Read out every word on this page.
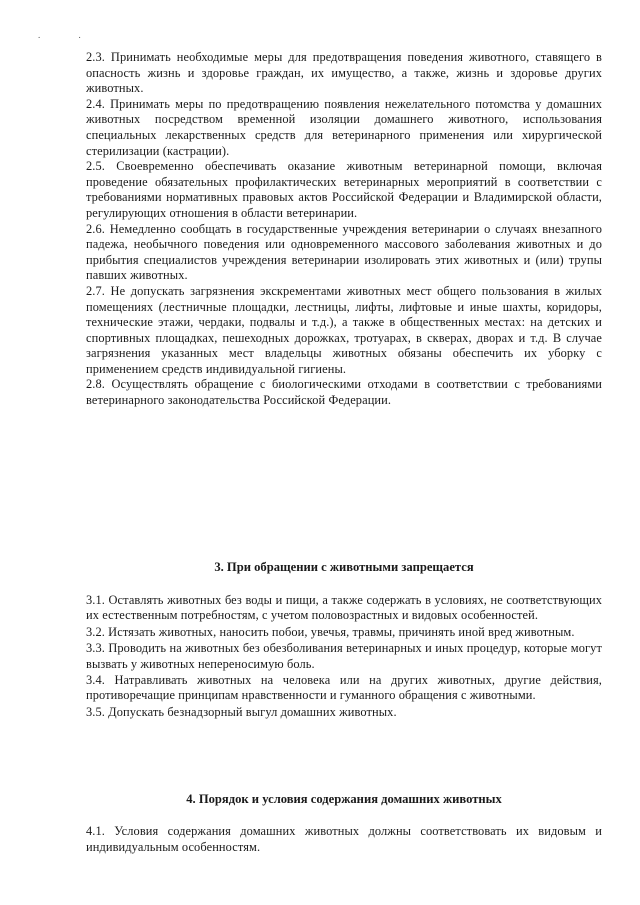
. .

2.3. Принимать необходимые меры для предотвращения поведения животного, ставящего в опасность жизнь и здоровье граждан, их имущество, а также, жизнь и здоровье других животных.

2.4. Принимать меры по предотвращению появления нежелательного потомства у домашних животных посредством временной изоляции домашнего животного, использования специальных лекарственных средств для ветеринарного применения или хирургической стерилизации (кастрации).

2.5. Своевременно обеспечивать оказание животным ветеринарной помощи, включая проведение обязательных профилактических ветеринарных мероприятий в соответствии с требованиями нормативных правовых актов Российской Федерации и Владимирской области, регулирующих отношения в области ветеринарии.

2.6. Немедленно сообщать в государственные учреждения ветеринарии о случаях внезапного падежа, необычного поведения или одновременного массового заболевания животных и до прибытия специалистов учреждения ветеринарии изолировать этих животных и (или) трупы павших животных.

2.7. Не допускать загрязнения экскрементами животных мест общего пользования в жилых помещениях (лестничные площадки, лестницы, лифты, лифтовые и иные шахты, коридоры, технические этажи, чердаки, подвалы и т.д.), а также в общественных местах: на детских и спортивных площадках, пешеходных дорожках, тротуарах, в скверах, дворах и т.д. В случае загрязнения указанных мест владельцы животных обязаны обеспечить их уборку с применением средств индивидуальной гигиены.

2.8. Осуществлять обращение с биологическими отходами в соответствии с требованиями ветеринарного законодательства Российской Федерации.

3. При обращении с животными запрещается

3.1. Оставлять животных без воды и пищи, а также содержать в условиях, не соответствующих их естественным потребностям, с учетом половозрастных и видовых особенностей.

3.2. Истязать животных, наносить побои, увечья, травмы, причинять иной вред животным.

3.3. Проводить на животных без обезболивания ветеринарных и иных процедур, которые могут вызвать у животных непереносимую боль.

3.4. Натравливать животных на человека или на других животных, другие действия, противоречащие принципам нравственности и гуманного обращения с животными.

3.5. Допускать безнадзорный выгул домашних животных.

4. Порядок и условия содержания домашних животных

4.1. Условия содержания домашних животных должны соответствовать их видовым и индивидуальным особенностям.
